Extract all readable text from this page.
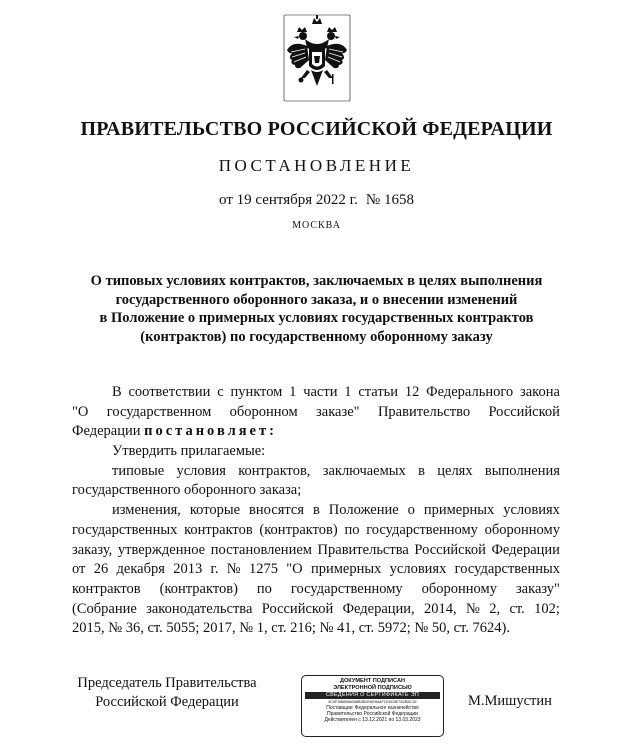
ПРАВИТЕЛЬСТВО РОССИЙСКОЙ ФЕДЕРАЦИИ
ПОСТАНОВЛЕНИЕ
от 19 сентября 2022 г. № 1658
МОСКВА
О типовых условиях контрактов, заключаемых в целях выполнения
государственного оборонного заказа, и о внесении изменений
в Положение о примерных условиях государственных контрактов
(контрактов) по государственному оборонному заказу
В соответствии с пунктом 1 части 1 статьи 12 Федерального закона
"О государственном оборонном заказе" Правительство Российской
Федерации постановляет:
Утвердить прилагаемые:
типовые условия контрактов, заключаемых в целях выполнения
государственного оборонного заказа;
изменения, которые вносятся в Положение о примерных условиях
государственных контрактов (контрактов) по государственному оборонному
заказу, утвержденное постановлением Правительства Российской Федерации
от 26 декабря 2013 г. № 1275 "О примерных условиях государственных
контрактов (контрактов) по государственному оборонному заказу"
(Собрание законодательства Российской Федерации, 2014, № 2, ст. 102;
2015, № 36, ст. 5055; 2017, № 1, ст. 216; № 41, ст. 5972; № 50, ст. 7624).
Председатель Правительства
Российской Федерации
ДОКУМЕНТ ПОДПИСАН
ЭЛЕКТРОННОЙ ПОДПИСЬЮ
СВЕДЕНИЯ О СЕРТИФИКАТЕ ЭП
3C0F3B6B5A0A8B0B2E6D9A4F1D9C8E7A2B5C1E
Поставщик: Федеральное казначейство
Правительство Российской Федерации
Действителен с 13.12.2021 по 13.03.2023
М.Мишустин
